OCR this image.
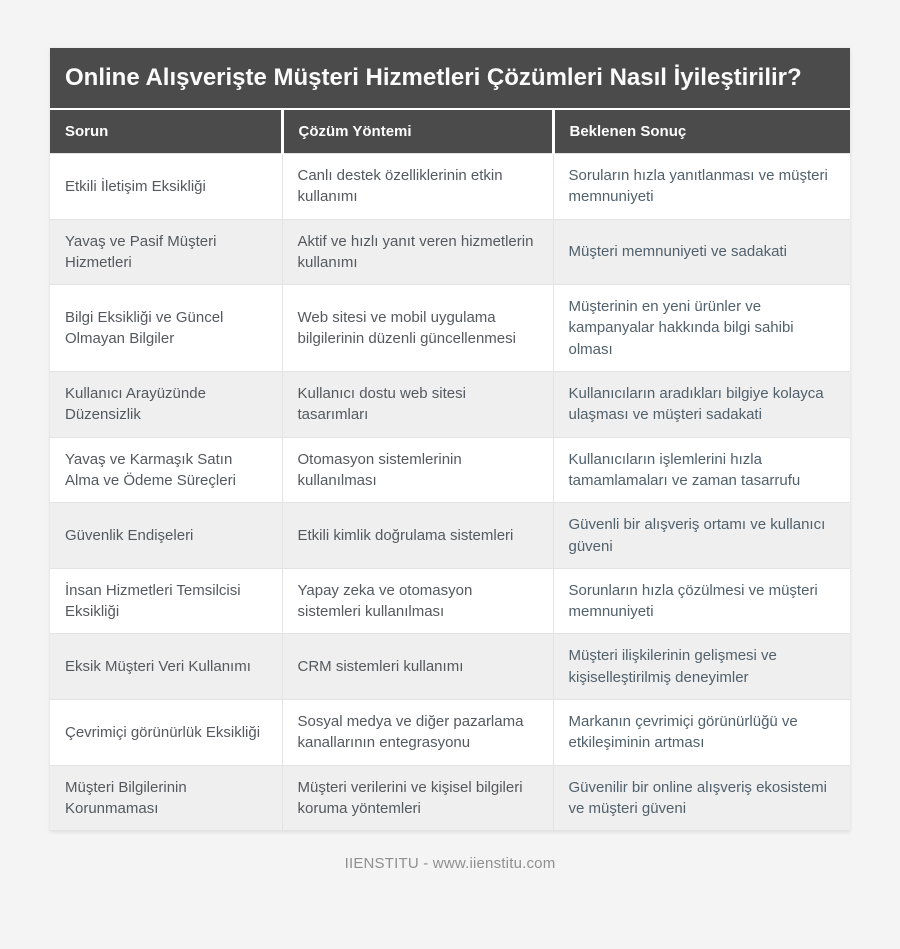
Online Alışverişte Müşteri Hizmetleri Çözümleri Nasıl İyileştirilir?
Sorun	Çözüm Yöntemi	Beklenen Sonuç
Etkili İletişim Eksikliği	Canlı destek özelliklerinin etkin kullanımı	Soruların hızla yanıtlanması ve müşteri memnuniyeti
Yavaş ve Pasif Müşteri Hizmetleri	Aktif ve hızlı yanıt veren hizmetlerin kullanımı	Müşteri memnuniyeti ve sadakati
Bilgi Eksikliği ve Güncel Olmayan Bilgiler	Web sitesi ve mobil uygulama bilgilerinin düzenli güncellenmesi	Müşterinin en yeni ürünler ve kampanyalar hakkında bilgi sahibi olması
Kullanıcı Arayüzünde Düzensizlik	Kullanıcı dostu web sitesi tasarımları	Kullanıcıların aradıkları bilgiye kolayca ulaşması ve müşteri sadakati
Yavaş ve Karmaşık Satın Alma ve Ödeme Süreçleri	Otomasyon sistemlerinin kullanılması	Kullanıcıların işlemlerini hızla tamamlamaları ve zaman tasarrufu
Güvenlik Endişeleri	Etkili kimlik doğrulama sistemleri	Güvenli bir alışveriş ortamı ve kullanıcı güveni
İnsan Hizmetleri Temsilcisi Eksikliği	Yapay zeka ve otomasyon sistemleri kullanılması	Sorunların hızla çözülmesi ve müşteri memnuniyeti
Eksik Müşteri Veri Kullanımı	CRM sistemleri kullanımı	Müşteri ilişkilerinin gelişmesi ve kişiselleştirilmiş deneyimler
Çevrimiçi görünürlük Eksikliği	Sosyal medya ve diğer pazarlama kanallarının entegrasyonu	Markanın çevrimiçi görünürlüğü ve etkileşiminin artması
Müşteri Bilgilerinin Korunmaması	Müşteri verilerini ve kişisel bilgileri koruma yöntemleri	Güvenilir bir online alışveriş ekosistemi ve müşteri güveni
IIENSTITU - www.iienstitu.com
